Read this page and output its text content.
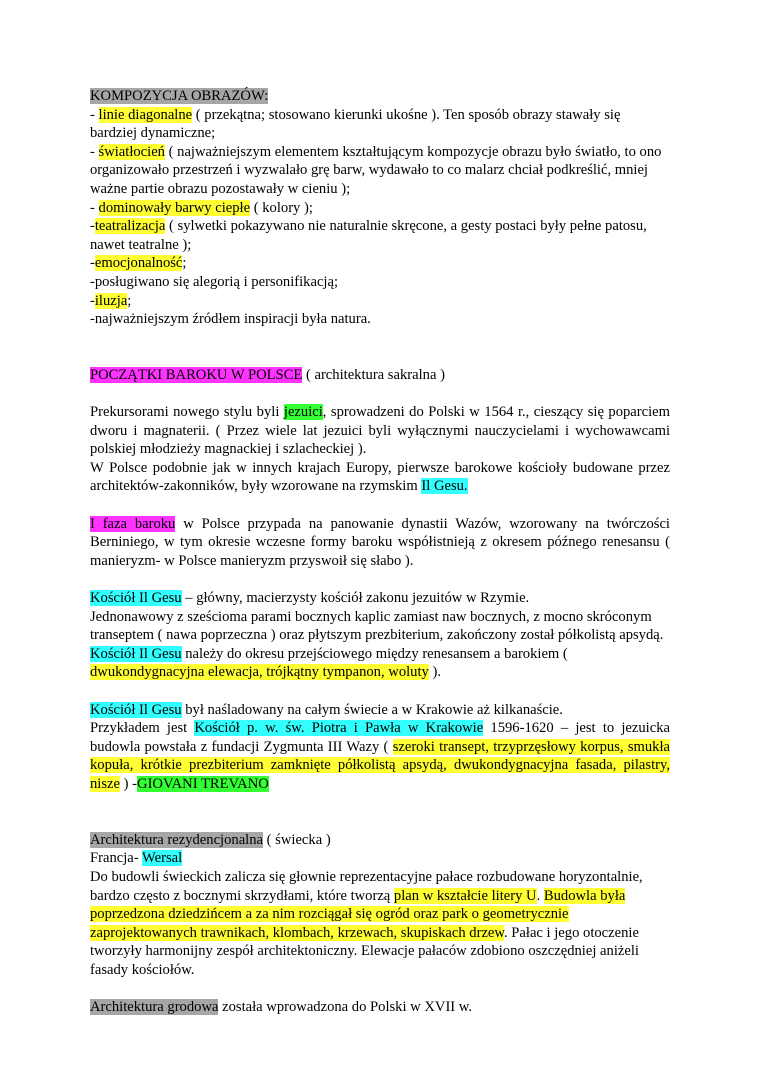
KOMPOZYCJA OBRAZÓW:

- linie diagonalne ( przekątna; stosowano kierunki ukośne ). Ten sposób obrazy stawały się bardziej dynamiczne;

- światłocień ( najważniejszym elementem kształtującym kompozycje obrazu było światło, to ono organizowało przestrzeń i wyzwalało grę barw, wydawało to co malarz chciał podkreślić, mniej ważne partie obrazu pozostawały w cieniu );

- dominowały barwy ciepłe ( kolory );

-teatralizacja ( sylwetki pokazywano nie naturalnie skręcone, a gesty postaci były pełne patosu, nawet teatralne );

-emocjonalność;

-posługiwano się alegorią i personifikacją;

-iluzja;

-najważniejszym źródłem inspiracji była natura.

POCZĄTKI BAROKU W POLSCE ( architektura sakralna )

Prekursorami nowego stylu byli jezuici, sprowadzeni do Polski w 1564 r., cieszący się poparciem dworu i magnaterii. ( Przez wiele lat jezuici byli wyłącznymi nauczycielami i wychowawcami polskiej młodzieży magnackiej i szlacheckiej ).

W Polsce podobnie jak w innych krajach Europy, pierwsze barokowe kościoły budowane przez architektów-zakonników, były wzorowane na rzymskim Il Gesu.

I faza baroku w Polsce przypada na panowanie dynastii Wazów, wzorowany na twórczości Berniniego, w tym okresie wczesne formy baroku współistnieją z okresem późnego renesansu ( manieryzm- w Polsce manieryzm przyswoił się słabo ).

Kościół Il Gesu – główny, macierzysty kościół zakonu jezuitów w Rzymie.

Jednonawowy z sześcioma parami bocznych kaplic zamiast naw bocznych, z mocno skróconym transeptem ( nawa poprzeczna ) oraz płytszym prezbiterium, zakończony został półkolistą apsydą. Kościół Il Gesu należy do okresu przejściowego między renesansem a barokiem ( dwukondygnacyjna elewacja, trójkątny tympanon, woluty ).

Kościół Il Gesu był naśladowany na całym świecie a w Krakowie aż kilkanaście.

Przykładem jest Kościół p. w. św. Piotra i Pawła w Krakowie 1596-1620 – jest to jezuicka budowla powstała z fundacji Zygmunta III Wazy ( szeroki transept, trzyprzęsłowy korpus, smukła kopuła, krótkie prezbiterium zamknięte półkolistą apsydą, dwukondygnacyjna fasada, pilastry, nisze ) -GIOVANI TREVANO

Architektura rezydencjonalna ( świecka )

Francja- Wersal

Do budowli świeckich zalicza się głownie reprezentacyjne pałace rozbudowane horyzontalnie, bardzo często z bocznymi skrzydłami, które tworzą plan w kształcie litery U. Budowla była poprzedzona dziedzińcem a za nim rozciągał się ogród oraz park o geometrycznie zaprojektowanych trawnikach, klombach, krzewach, skupiskach drzew. Pałac i jego otoczenie tworzyły harmonijny zespół architektoniczny. Elewacje pałaców zdobiono oszczędniej aniżeli fasady kościołów.

Architektura grodowa została wprowadzona do Polski w XVII w.
